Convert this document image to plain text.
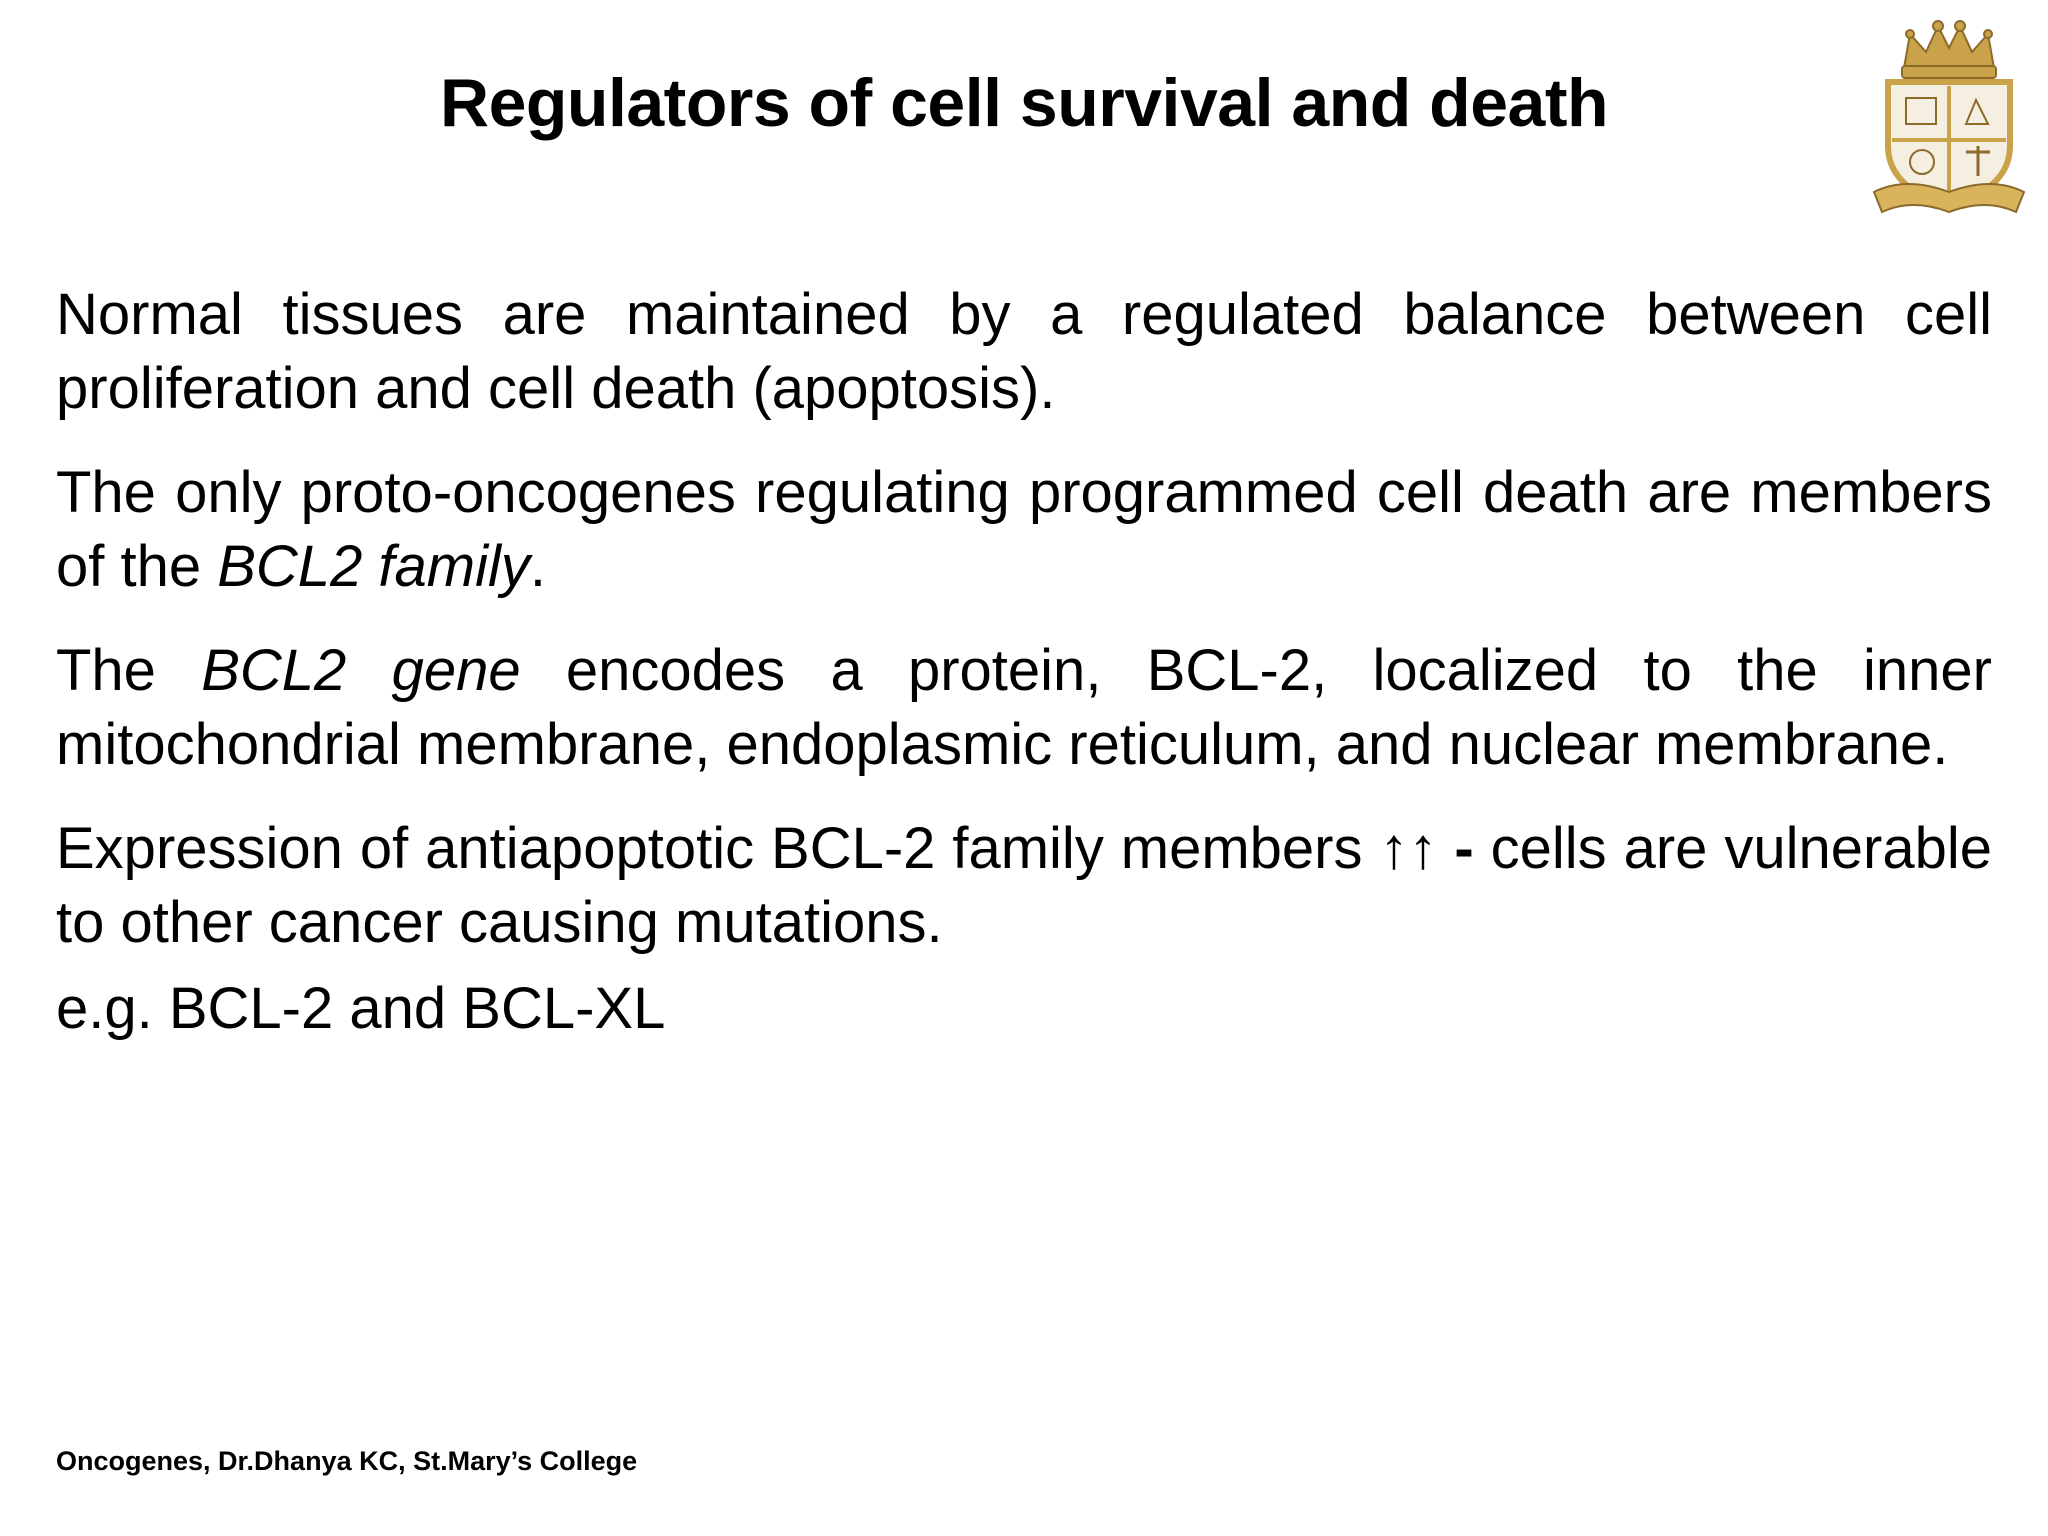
Regulators of cell survival and death

Normal tissues are maintained by a regulated balance between cell proliferation and cell death (apoptosis).

The only proto-oncogenes regulating programmed cell death are members of the BCL2 family.

The BCL2 gene encodes a protein, BCL-2, localized to the inner mitochondrial membrane, endoplasmic reticulum, and nuclear membrane.

Expression of antiapoptotic BCL-2 family members ↑↑ - cells are vulnerable to other cancer causing mutations.

e.g. BCL-2 and BCL-XL

Oncogenes, Dr.Dhanya KC, St.Mary’s College
